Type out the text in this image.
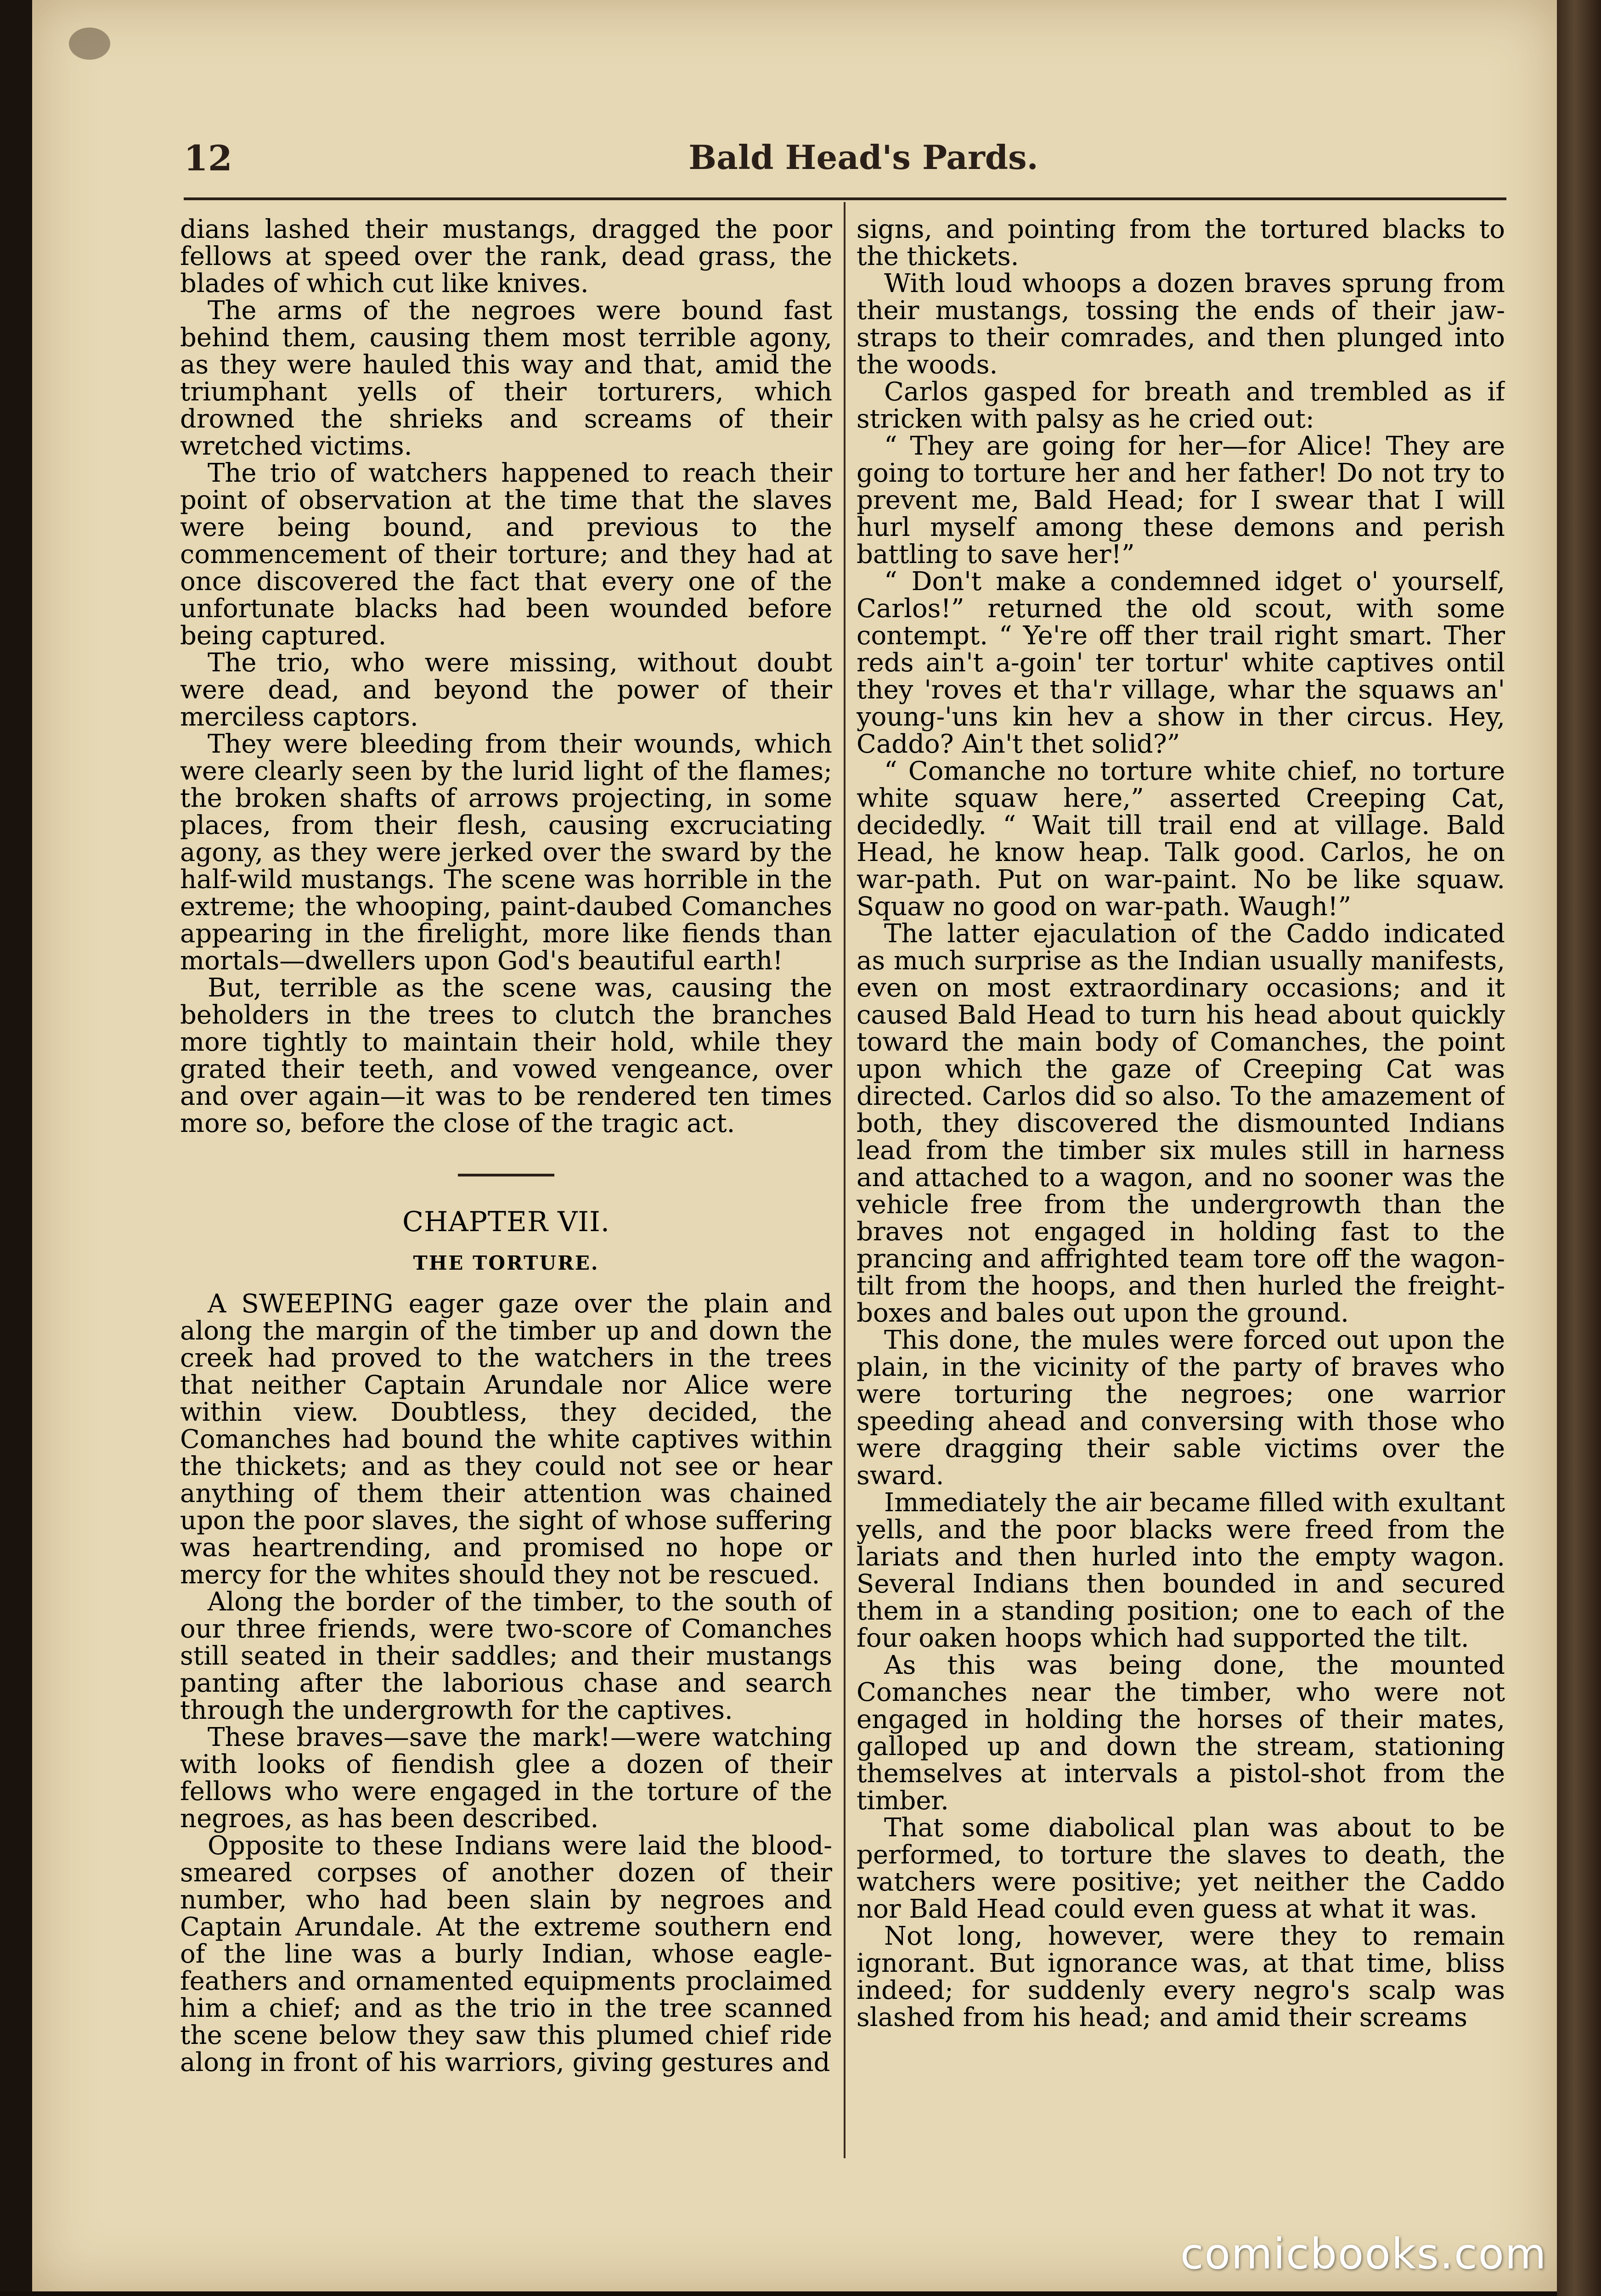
12	Bald Head's Pards.

dians lashed their mustangs, dragged the poor fellows at speed over the rank, dead grass, the blades of which cut like knives.

The arms of the negroes were bound fast behind them, causing them most terrible agony, as they were hauled this way and that, amid the triumphant yells of their torturers, which drowned the shrieks and screams of their wretched victims.

The trio of watchers happened to reach their point of observation at the time that the slaves were being bound, and previous to the commencement of their torture; and they had at once discovered the fact that every one of the unfortunate blacks had been wounded before being captured.

The trio, who were missing, without doubt were dead, and beyond the power of their merciless captors.

They were bleeding from their wounds, which were clearly seen by the lurid light of the flames; the broken shafts of arrows projecting, in some places, from their flesh, causing excruciating agony, as they were jerked over the sward by the half-wild mustangs. The scene was horrible in the extreme; the whooping, paint-daubed Comanches appearing in the firelight, more like fiends than mortals—dwellers upon God's beautiful earth!

But, terrible as the scene was, causing the beholders in the trees to clutch the branches more tightly to maintain their hold, while they grated their teeth, and vowed vengeance, over and over again—it was to be rendered ten times more so, before the close of the tragic act.

CHAPTER VII.
THE TORTURE.

A SWEEPING eager gaze over the plain and along the margin of the timber up and down the creek had proved to the watchers in the trees that neither Captain Arundale nor Alice were within view. Doubtless, they decided, the Comanches had bound the white captives within the thickets; and as they could not see or hear anything of them their attention was chained upon the poor slaves, the sight of whose suffering was heartrending, and promised no hope or mercy for the whites should they not be rescued.

Along the border of the timber, to the south of our three friends, were two-score of Comanches still seated in their saddles; and their mustangs panting after the laborious chase and search through the undergrowth for the captives.

These braves—save the mark!—were watching with looks of fiendish glee a dozen of their fellows who were engaged in the torture of the negroes, as has been described.

Opposite to these Indians were laid the blood-smeared corpses of another dozen of their number, who had been slain by negroes and Captain Arundale. At the extreme southern end of the line was a burly Indian, whose eagle-feathers and ornamented equipments proclaimed him a chief; and as the trio in the tree scanned the scene below they saw this plumed chief ride along in front of his warriors, giving gestures and

signs, and pointing from the tortured blacks to the thickets.

With loud whoops a dozen braves sprung from their mustangs, tossing the ends of their jaw-straps to their comrades, and then plunged into the woods.

Carlos gasped for breath and trembled as if stricken with palsy as he cried out:

“ They are going for her—for Alice! They are going to torture her and her father! Do not try to prevent me, Bald Head; for I swear that I will hurl myself among these demons and perish battling to save her!”

“ Don't make a condemned idget o' yourself, Carlos!” returned the old scout, with some contempt. “ Ye're off ther trail right smart. Ther reds ain't a-goin' ter tortur' white captives ontil they 'roves et tha'r village, whar the squaws an' young-'uns kin hev a show in ther circus. Hey, Caddo? Ain't thet solid?”

“ Comanche no torture white chief, no torture white squaw here,” asserted Creeping Cat, decidedly. “ Wait till trail end at village. Bald Head, he know heap. Talk good. Carlos, he on war-path. Put on war-paint. No be like squaw. Squaw no good on war-path. Waugh!”

The latter ejaculation of the Caddo indicated as much surprise as the Indian usually manifests, even on most extraordinary occasions; and it caused Bald Head to turn his head about quickly toward the main body of Comanches, the point upon which the gaze of Creeping Cat was directed. Carlos did so also. To the amazement of both, they discovered the dismounted Indians lead from the timber six mules still in harness and attached to a wagon, and no sooner was the vehicle free from the undergrowth than the braves not engaged in holding fast to the prancing and affrighted team tore off the wagon-tilt from the hoops, and then hurled the freight-boxes and bales out upon the ground.

This done, the mules were forced out upon the plain, in the vicinity of the party of braves who were torturing the negroes; one warrior speeding ahead and conversing with those who were dragging their sable victims over the sward.

Immediately the air became filled with exultant yells, and the poor blacks were freed from the lariats and then hurled into the empty wagon. Several Indians then bounded in and secured them in a standing position; one to each of the four oaken hoops which had supported the tilt.

As this was being done, the mounted Comanches near the timber, who were not engaged in holding the horses of their mates, galloped up and down the stream, stationing themselves at intervals a pistol-shot from the timber.

That some diabolical plan was about to be performed, to torture the slaves to death, the watchers were positive; yet neither the Caddo nor Bald Head could even guess at what it was.

Not long, however, were they to remain ignorant. But ignorance was, at that time, bliss indeed; for suddenly every negro's scalp was slashed from his head; and amid their screams

comicbooks.com
